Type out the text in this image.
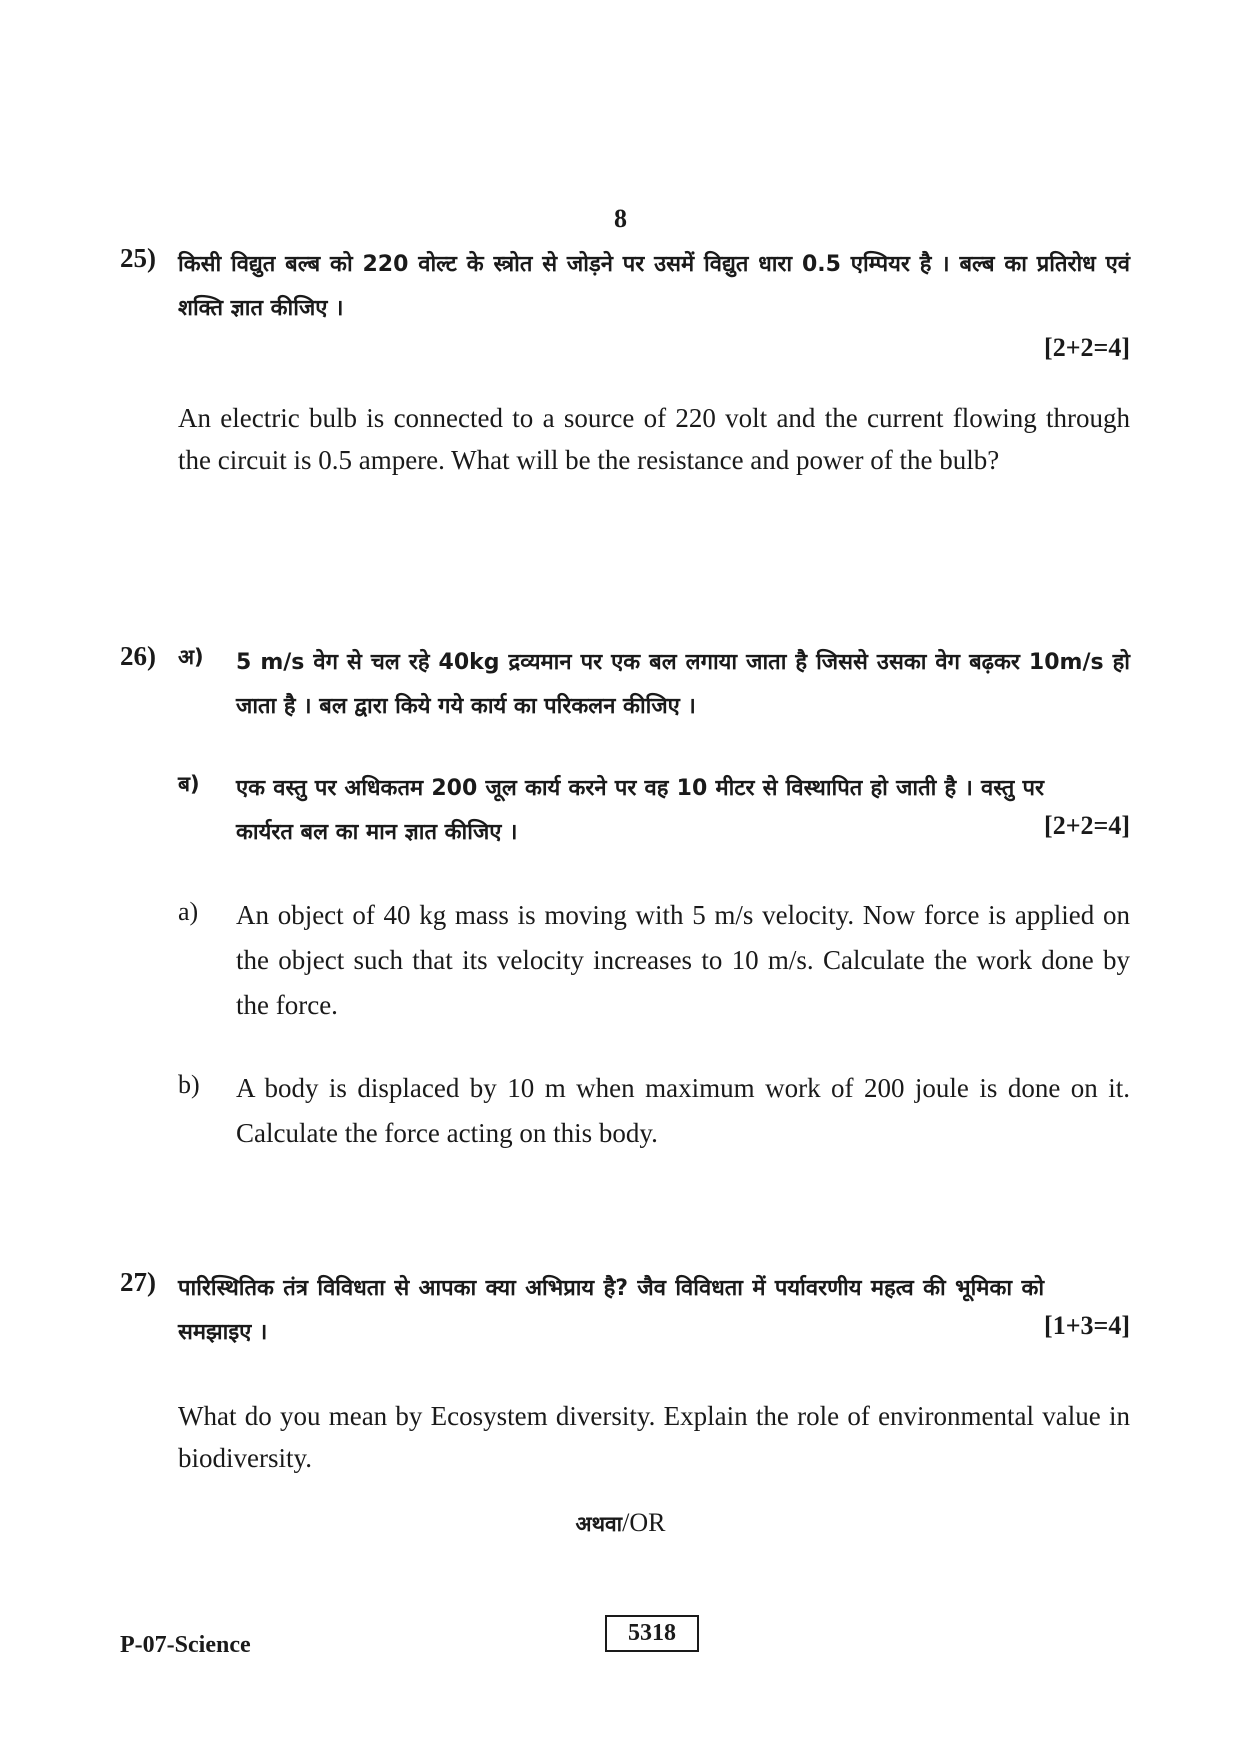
8
25) किसी विद्युत बल्ब को 220 वोल्ट के स्त्रोत से जोड़ने पर उसमें विद्युत धारा 0.5 एम्पियर है । बल्ब का प्रतिरोध एवं शक्ति ज्ञात कीजिए ।
[2+2=4]
An electric bulb is connected to a source of 220 volt and the current flowing through the circuit is 0.5 ampere. What will be the resistance and power of the bulb?
26) अ) 5 m/s वेग से चल रहे 40kg द्रव्यमान पर एक बल लगाया जाता है जिससे उसका वेग बढ़कर 10m/s हो जाता है । बल द्वारा किये गये कार्य का परिकलन कीजिए ।
ब)
[2+2=4]
एक वस्तु पर अधिकतम 200 जूल कार्य करने पर वह 10 मीटर से विस्थापित हो जाती है । वस्तु पर कार्यरत बल का मान ज्ञात कीजिए ।
a) An object of 40 kg mass is moving with 5 m/s velocity. Now force is applied on the object such that its velocity increases to 10 m/s. Calculate the work done by the force.
b) A body is displaced by 10 m when maximum work of 200 joule is done on it. Calculate the force acting on this body.
27)
[1+3=4]
पारिस्थितिक तंत्र विविधता से आपका क्या अभिप्राय है? जैव विविधता में पर्यावरणीय महत्व की भूमिका को समझाइए ।
What do you mean by Ecosystem diversity. Explain the role of environmental value in biodiversity.
अथवा/OR
P-07-Science	5318
